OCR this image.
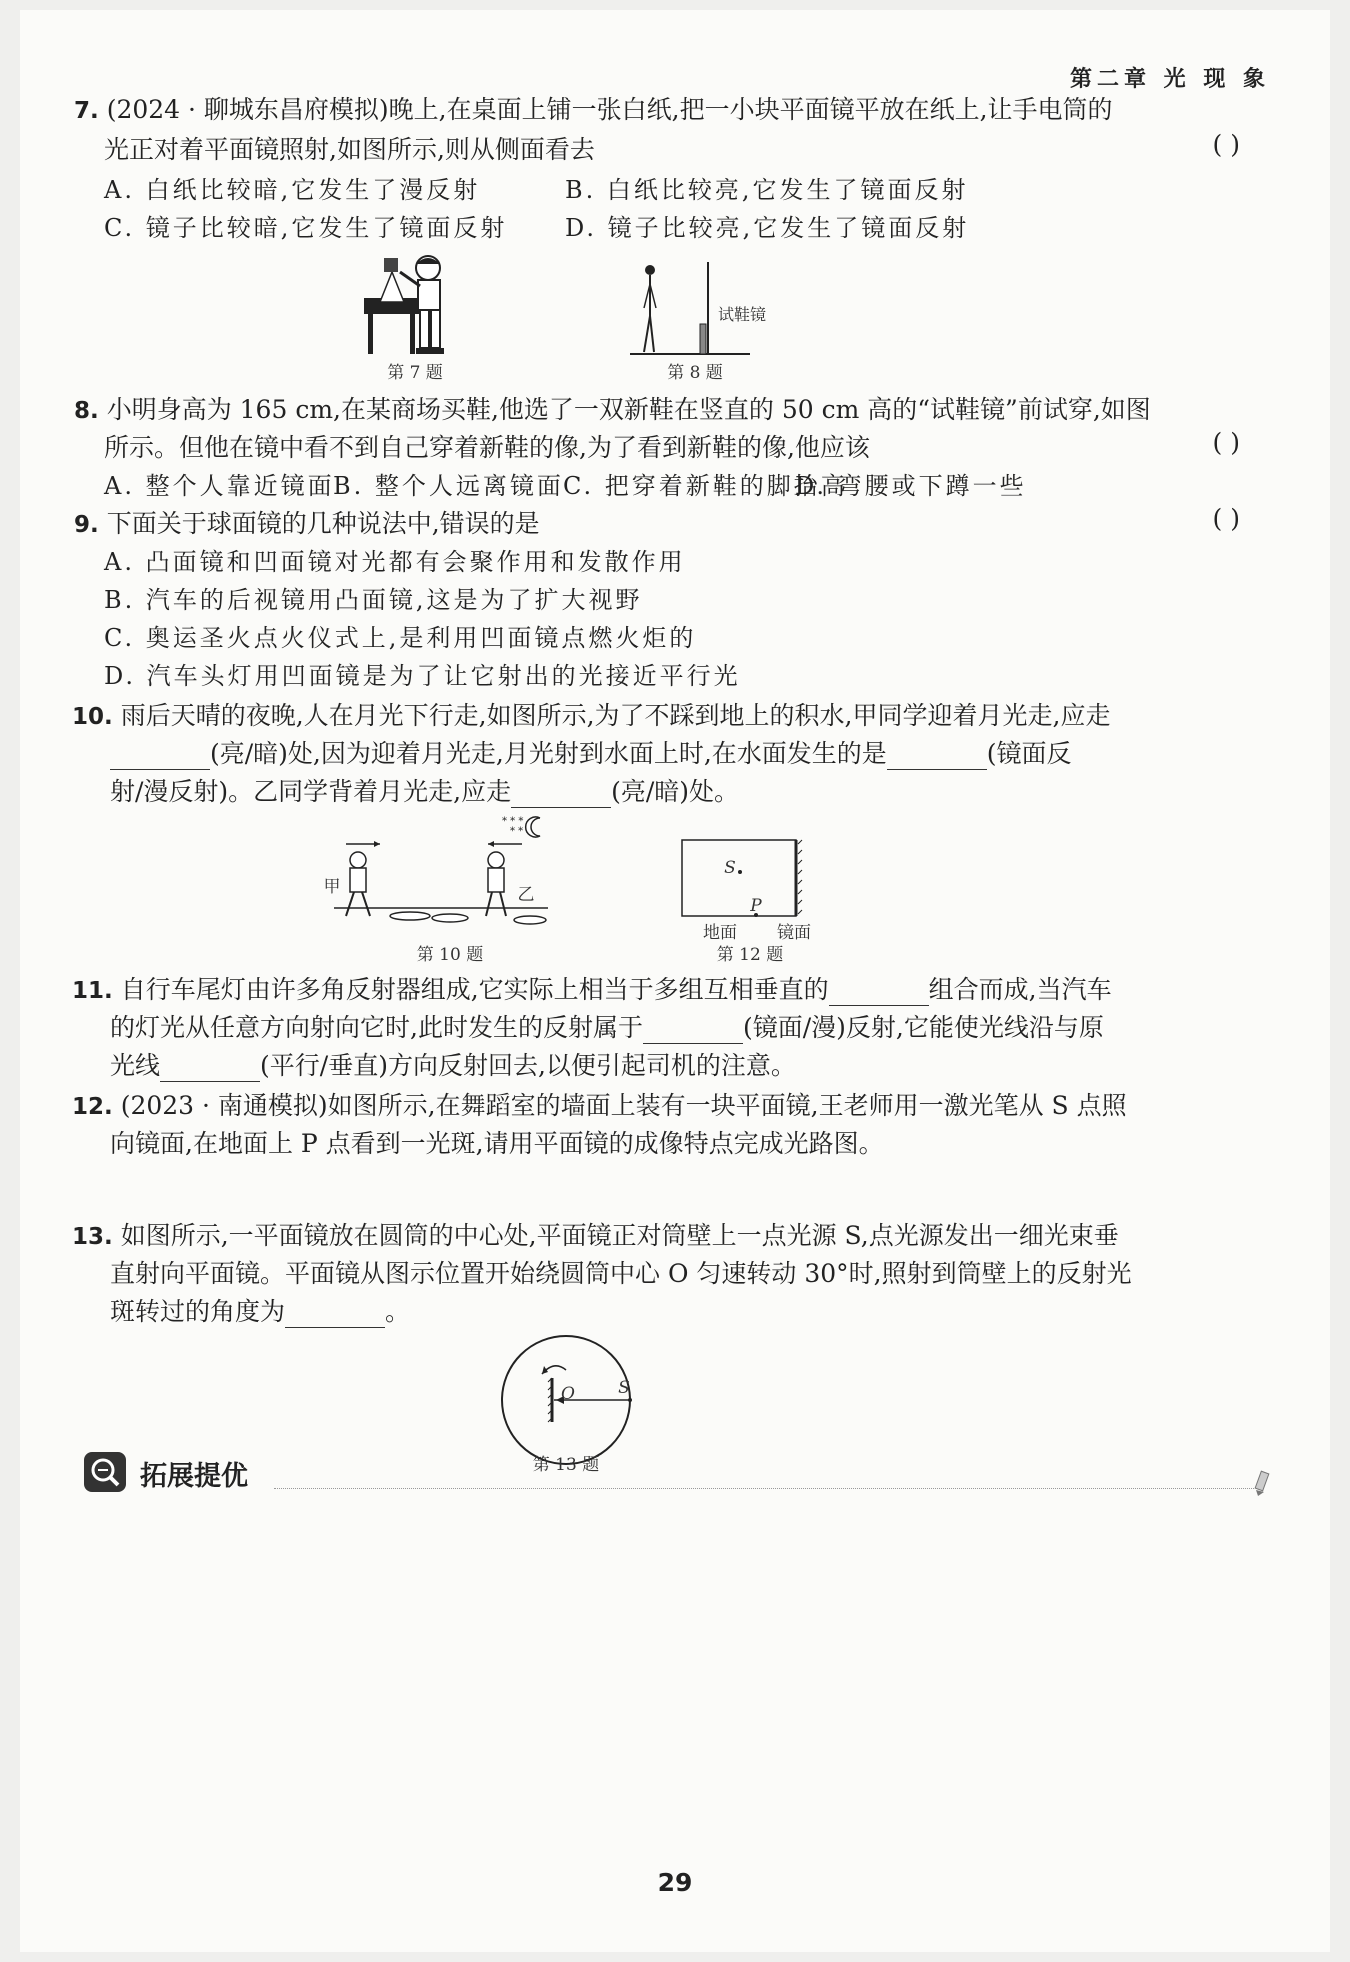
第二章 光 现 象
7. (2024 · 聊城东昌府模拟)晚上,在桌面上铺一张白纸,把一小块平面镜平放在纸上,让手电筒的
光正对着平面镜照射,如图所示,则从侧面看去	( )
A. 白纸比较暗,它发生了漫反射	B. 白纸比较亮,它发生了镜面反射
C. 镜子比较暗,它发生了镜面反射 D. 镜子比较亮,它发生了镜面反射
第 7 题
试鞋镜
第 8 题
8. 小明身高为 165 cm,在某商场买鞋,他选了一双新鞋在竖直的 50 cm 高的“试鞋镜”前试穿,如图
所示。但他在镜中看不到自己穿着新鞋的像,为了看到新鞋的像,他应该	( )
A. 整个人靠近镜面
B. 整个人远离镜面 C. 把穿着新鞋的脚抬高
D. 弯腰或下蹲一些
9. 下面关于球面镜的几种说法中,错误的是	( )
A. 凸面镜和凹面镜对光都有会聚作用和发散作用
B. 汽车的后视镜用凸面镜,这是为了扩大视野
C. 奥运圣火点火仪式上,是利用凹面镜点燃火炬的
D. 汽车头灯用凹面镜是为了让它射出的光接近平行光
10. 雨后天晴的夜晚,人在月光下行走,如图所示,为了不踩到地上的积水,甲同学迎着月光走,应走
(亮/暗)处,因为迎着月光走,月光射到水面上时,在水面发生的是	(镜面反
射/漫反射)。乙同学背着月光走,应走	(亮/暗)处。
* * *
* *
甲	乙
第 10 题
S
P
地面 镜面
第 12 题
11. 自行车尾灯由许多角反射器组成,它实际上相当于多组互相垂直的	组合而成,当汽车
的灯光从任意方向射向它时,此时发生的反射属于	(镜面/漫)反射,它能使光线沿与原
光线	(平行/垂直)方向反射回去,以便引起司机的注意。
12. (2023 · 南通模拟)如图所示,在舞蹈室的墙面上装有一块平面镜,王老师用一激光笔从 S 点照
向镜面,在地面上 P 点看到一光斑,请用平面镜的成像特点完成光路图。
拓展提优
13. 如图所示,一平面镜放在圆筒的中心处,平面镜正对筒壁上一点光源 S,点光源发出一细光束垂
直射向平面镜。平面镜从图示位置开始绕圆筒中心 O 匀速转动 30°时,照射到筒壁上的反射光
斑转过的角度为	。
O	S
第 13 题
29
